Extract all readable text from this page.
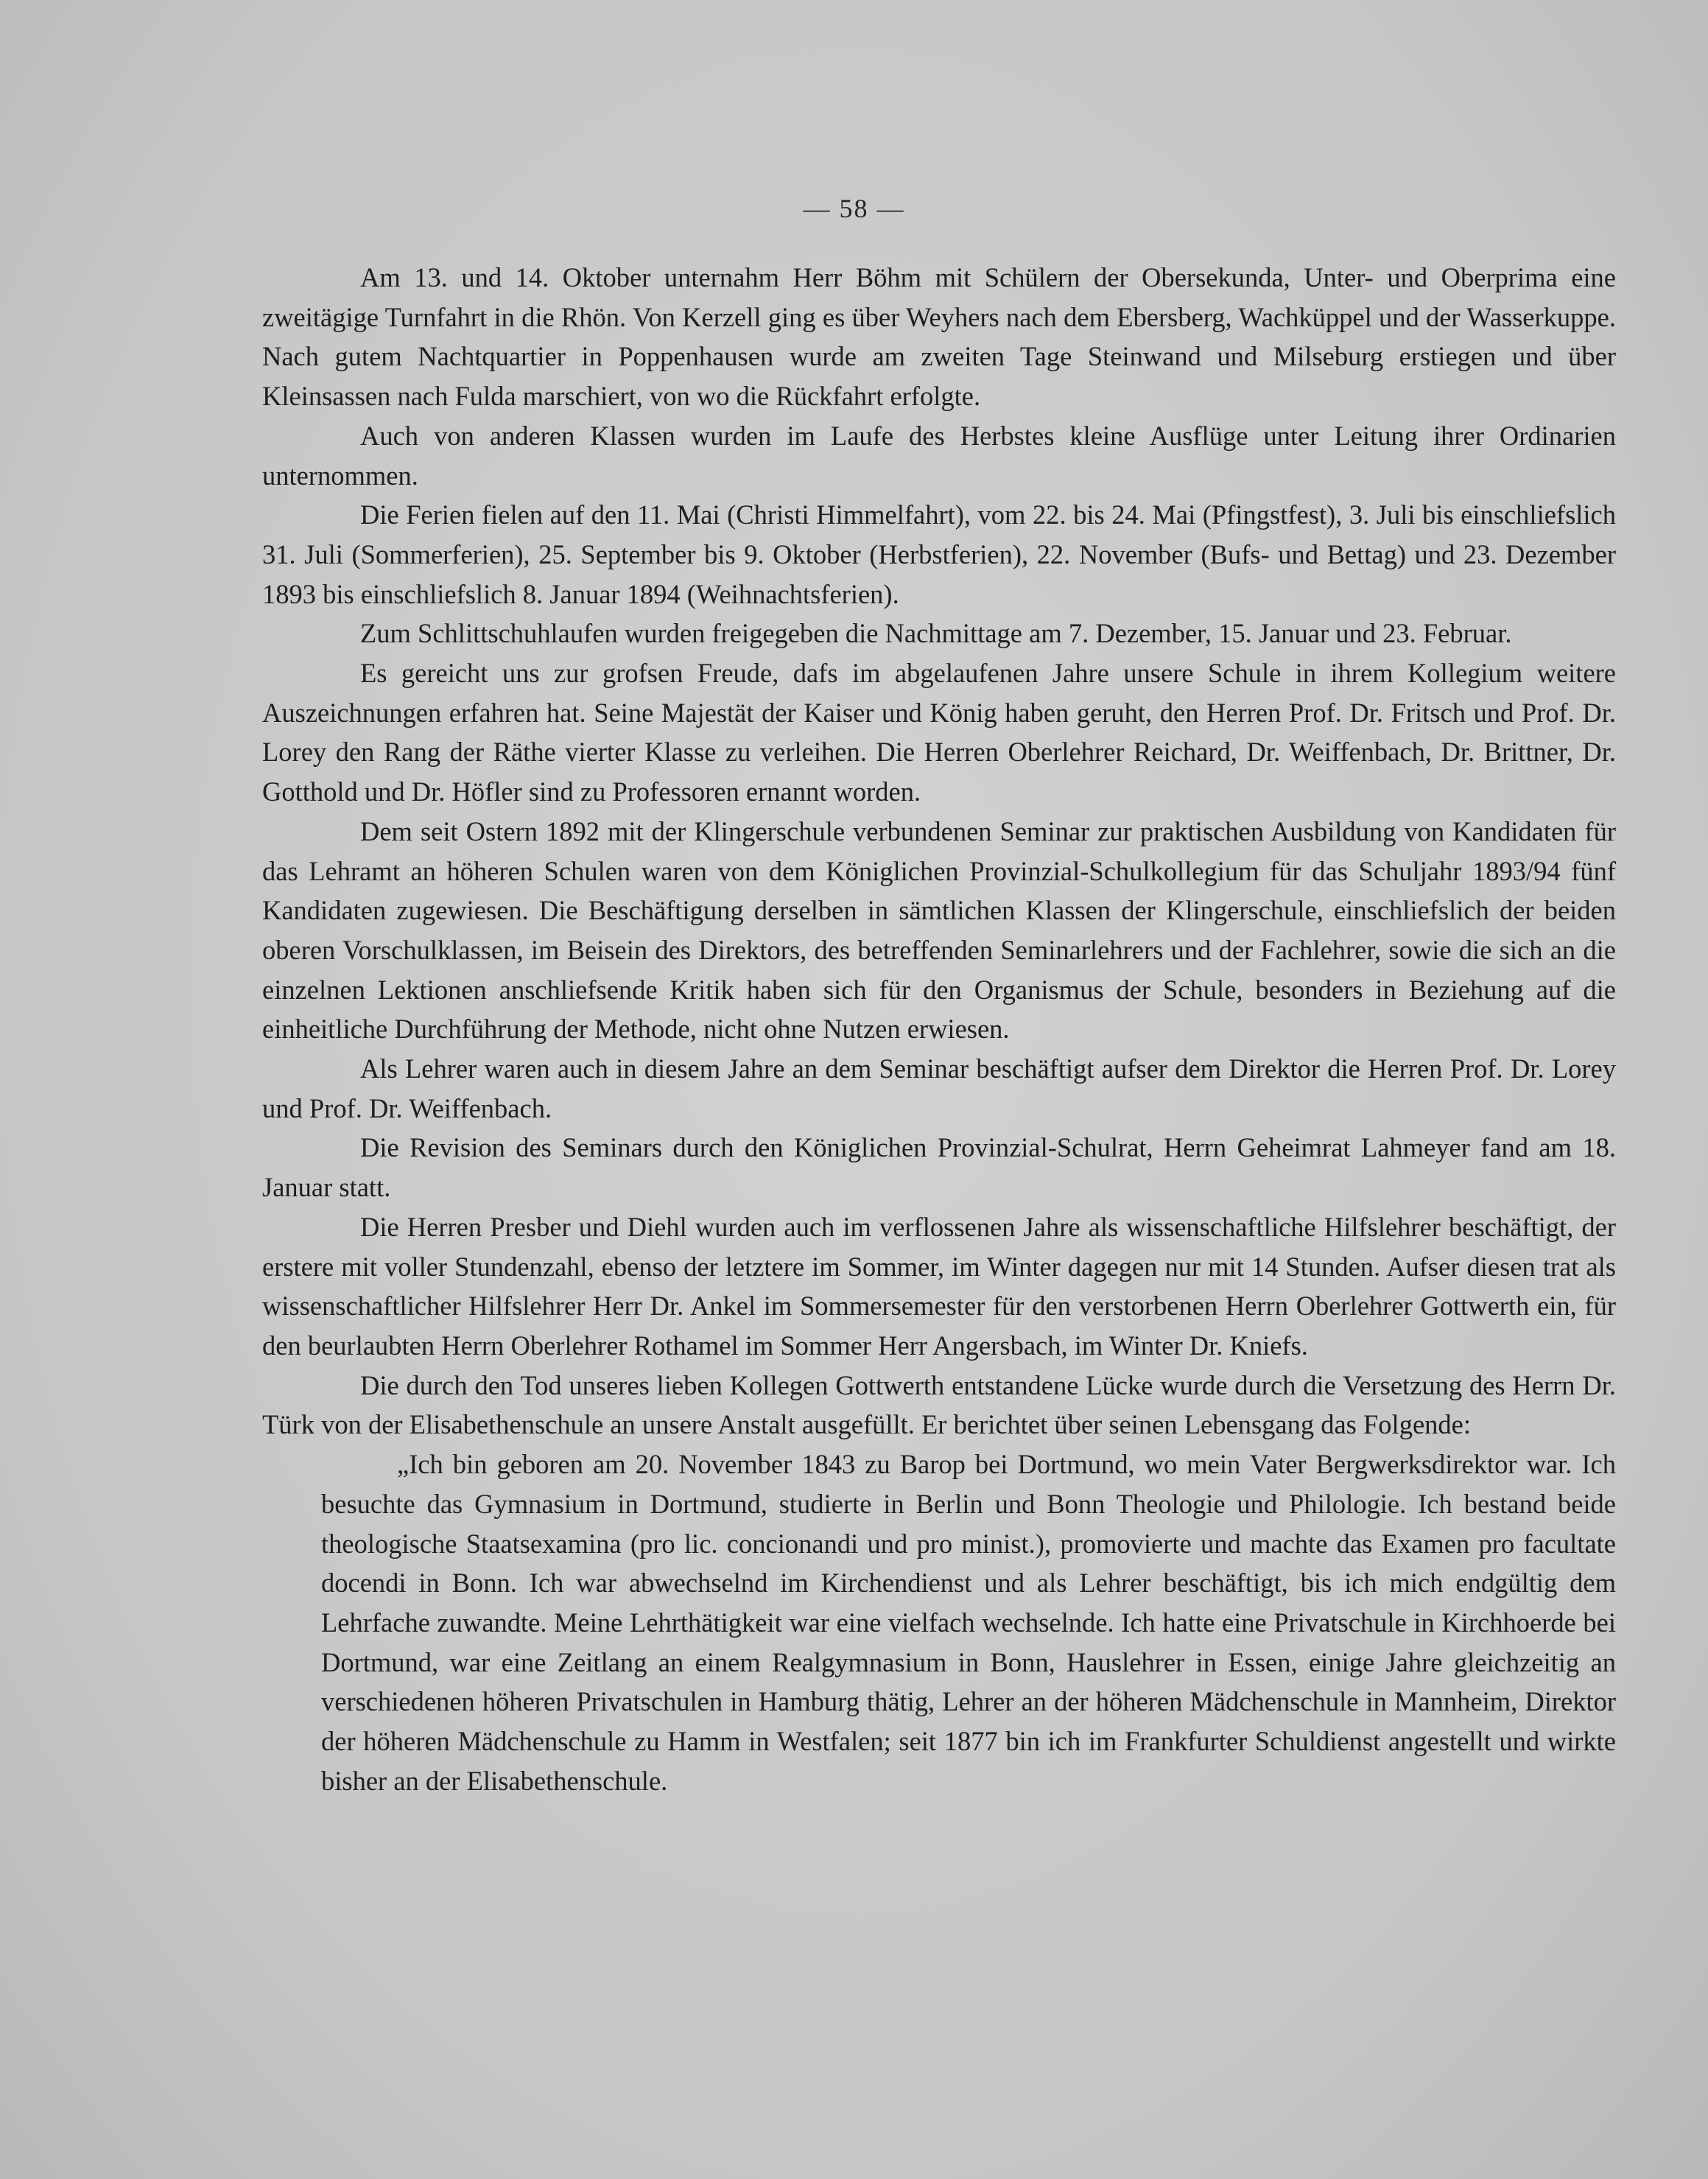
— 58 —

Am 13. und 14. Oktober unternahm Herr Böhm mit Schülern der Obersekunda, Unter- und Oberprima eine zweitägige Turnfahrt in die Rhön. Von Kerzell ging es über Weyhers nach dem Ebersberg, Wachküppel und der Wasserkuppe. Nach gutem Nachtquartier in Poppenhausen wurde am zweiten Tage Steinwand und Milseburg erstiegen und über Kleinsassen nach Fulda marschiert, von wo die Rückfahrt erfolgte.

Auch von anderen Klassen wurden im Laufe des Herbstes kleine Ausflüge unter Leitung ihrer Ordinarien unternommen.

Die Ferien fielen auf den 11. Mai (Christi Himmelfahrt), vom 22. bis 24. Mai (Pfingstfest), 3. Juli bis einschliefslich 31. Juli (Sommerferien), 25. September bis 9. Oktober (Herbstferien), 22. November (Bufs- und Bettag) und 23. Dezember 1893 bis einschliefslich 8. Januar 1894 (Weihnachtsferien).

Zum Schlittschuhlaufen wurden freigegeben die Nachmittage am 7. Dezember, 15. Januar und 23. Februar.

Es gereicht uns zur grofsen Freude, dafs im abgelaufenen Jahre unsere Schule in ihrem Kollegium weitere Auszeichnungen erfahren hat. Seine Majestät der Kaiser und König haben geruht, den Herren Prof. Dr. Fritsch und Prof. Dr. Lorey den Rang der Räthe vierter Klasse zu verleihen. Die Herren Oberlehrer Reichard, Dr. Weiffenbach, Dr. Brittner, Dr. Gotthold und Dr. Höfler sind zu Professoren ernannt worden.

Dem seit Ostern 1892 mit der Klingerschule verbundenen Seminar zur praktischen Ausbildung von Kandidaten für das Lehramt an höheren Schulen waren von dem Königlichen Provinzial-Schulkollegium für das Schuljahr 1893/94 fünf Kandidaten zugewiesen. Die Beschäftigung derselben in sämtlichen Klassen der Klingerschule, einschliefslich der beiden oberen Vorschulklassen, im Beisein des Direktors, des betreffenden Seminarlehrers und der Fachlehrer, sowie die sich an die einzelnen Lektionen anschliefsende Kritik haben sich für den Organismus der Schule, besonders in Beziehung auf die einheitliche Durchführung der Methode, nicht ohne Nutzen erwiesen.

Als Lehrer waren auch in diesem Jahre an dem Seminar beschäftigt aufser dem Direktor die Herren Prof. Dr. Lorey und Prof. Dr. Weiffenbach.

Die Revision des Seminars durch den Königlichen Provinzial-Schulrat, Herrn Geheimrat Lahmeyer fand am 18. Januar statt.

Die Herren Presber und Diehl wurden auch im verflossenen Jahre als wissenschaftliche Hilfslehrer beschäftigt, der erstere mit voller Stundenzahl, ebenso der letztere im Sommer, im Winter dagegen nur mit 14 Stunden. Aufser diesen trat als wissenschaftlicher Hilfslehrer Herr Dr. Ankel im Sommersemester für den verstorbenen Herrn Oberlehrer Gottwerth ein, für den beurlaubten Herrn Oberlehrer Rothamel im Sommer Herr Angersbach, im Winter Dr. Kniefs.

Die durch den Tod unseres lieben Kollegen Gottwerth entstandene Lücke wurde durch die Versetzung des Herrn Dr. Türk von der Elisabethenschule an unsere Anstalt ausgefüllt. Er berichtet über seinen Lebensgang das Folgende:

„Ich bin geboren am 20. November 1843 zu Barop bei Dortmund, wo mein Vater Bergwerksdirektor war. Ich besuchte das Gymnasium in Dortmund, studierte in Berlin und Bonn Theologie und Philologie. Ich bestand beide theologische Staatsexamina (pro lic. concionandi und pro minist.), promovierte und machte das Examen pro facultate docendi in Bonn. Ich war abwechselnd im Kirchendienst und als Lehrer beschäftigt, bis ich mich endgültig dem Lehrfache zuwandte. Meine Lehrthätigkeit war eine vielfach wechselnde. Ich hatte eine Privatschule in Kirchhoerde bei Dortmund, war eine Zeitlang an einem Realgymnasium in Bonn, Hauslehrer in Essen, einige Jahre gleichzeitig an verschiedenen höheren Privatschulen in Hamburg thätig, Lehrer an der höheren Mädchenschule in Mannheim, Direktor der höheren Mädchenschule zu Hamm in Westfalen; seit 1877 bin ich im Frankfurter Schuldienst angestellt und wirkte bisher an der Elisabethenschule.
